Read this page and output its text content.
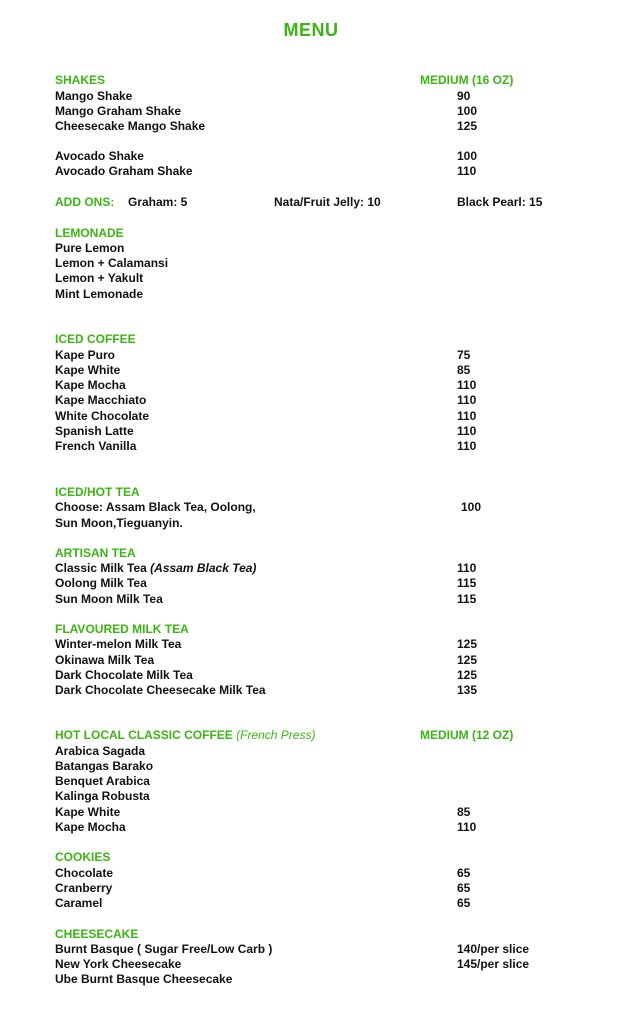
MENU
SHAKES	MEDIUM (16 OZ)
Mango Shake	90
Mango Graham Shake	100
Cheesecake Mango Shake	125
Avocado Shake	100
Avocado Graham Shake	110
ADD ONS: Graham: 5	Nata/Fruit Jelly: 10	Black Pearl: 15
LEMONADE
Pure Lemon
Lemon + Calamansi
Lemon + Yakult
Mint Lemonade
ICED COFFEE
Kape Puro	75
Kape White	85
Kape Mocha	110
Kape Macchiato	110
White Chocolate	110
Spanish Latte	110
French Vanilla	110
ICED/HOT TEA
Choose: Assam Black Tea, Oolong,	100
Sun Moon,Tieguanyin.
ARTISAN TEA
Classic Milk Tea (Assam Black Tea)	110
Oolong Milk Tea	115
Sun Moon Milk Tea	115
FLAVOURED MILK TEA
Winter-melon Milk Tea	125
Okinawa Milk Tea	125
Dark Chocolate Milk Tea	125
Dark Chocolate Cheesecake Milk Tea	135
HOT LOCAL CLASSIC COFFEE (French Press)	MEDIUM (12 OZ)
Arabica Sagada
Batangas Barako
Benquet Arabica
Kalinga Robusta
Kape White	85
Kape Mocha	110
COOKIES
Chocolate	65
Cranberry	65
Caramel	65
CHEESECAKE
Burnt Basque ( Sugar Free/Low Carb )	140/per slice
New York Cheesecake	145/per slice
Ube Burnt Basque Cheesecake
